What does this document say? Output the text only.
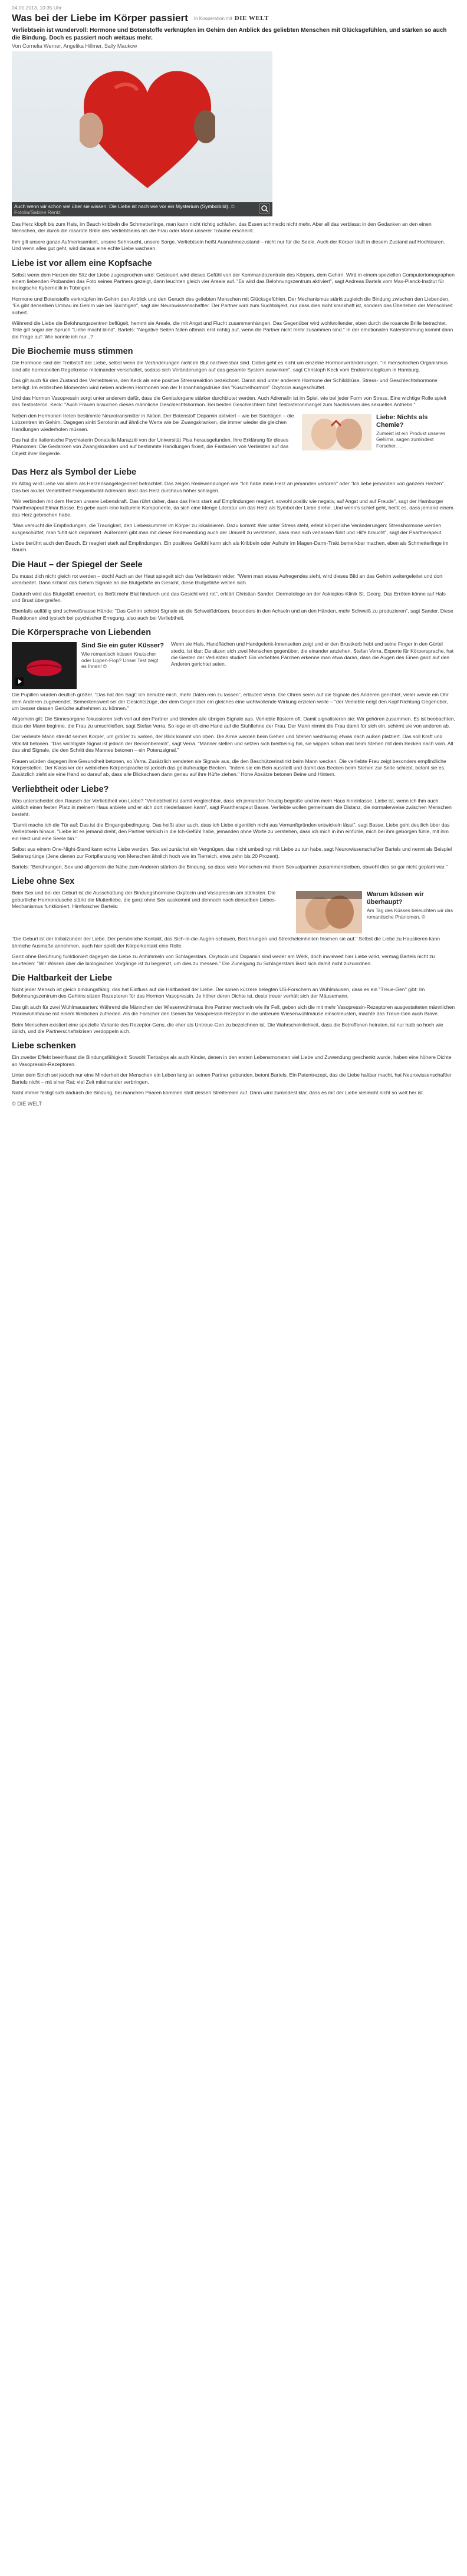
04.01.2013, 10:35 Uhr
Was bei der Liebe im Körper passiert In Kooperation mit DIE WELT
Verliebtsein ist wundervoll: Hormone und Botenstoffe verknüpfen im Gehirn den Anblick des geliebten Menschen mit Glücksgefühlen, und stärken so auch die Bindung. Doch es passiert noch weitaus mehr.
Von Cornelia Werner, Angelika Hillmer, Sally Maukow
Auch wenn wir schon viel über sie wissen: Die Liebe ist nach wie vor ein Mysterium (Symbolbild). © Fotolia/Sabine Rentz

Das Herz klopft bis zum Hals, im Bauch kribbeln die Schmetterlinge, man kann nicht richtig schlafen, das Essen schmeckt nicht mehr. Aber all das verblasst in den Gedanken an den einen Menschen, der durch die rosarote Brille des Verliebtseins als die Frau oder Mann unserer Träume erscheint.

Ihm gilt unsere ganze Aufmerksamkeit, unsere Sehnsucht, unsere Sorge. Verliebtsein heißt Ausnahmezustand – nicht nur für die Seele. Auch der Körper läuft in diesem Zustand auf Hochtouren. Und wenn alles gut geht, wird daraus eine echte Liebe wachsen.

Liebe ist vor allem eine Kopfsache

Selbst wenn dem Herzen der Sitz der Liebe zugesprochen wird: Gesteuert wird dieses Gefühl von der Kommandozentrale des Körpers, dem Gehirn. Wird in einem speziellen Computertomographen einem liebenden Probanden das Foto seines Partners gezeigt, dann leuchten gleich vier Areale auf. "Es wird das Belohnungszentrum aktiviert", sagt Andreas Bartels vom Max-Planck-Institut für biologische Kybernetik in Tübingen.

Hormone und Botenstoffe verknüpfen im Gehirn den Anblick und den Geruch des geliebten Menschen mit Glücksgefühlen. Der Mechanismus stärkt zugleich die Bindung zwischen den Liebenden. "Es gibt denselben Umbau im Gehirn wie bei Süchtigen", sagt der Neurowissenschaftler. Der Partner wird zum Suchtobjekt, nur dass dies nicht krankhaft ist, sondern das Überleben der Menschheit sichert.

Während die Liebe die Belohnungszentren beflügelt, hemmt sie Areale, die mit Angst und Flucht zusammenhängen. Das Gegenüber wird wohlwollender, eben durch die rosarote Brille betrachtet. Teile gilt sogar der Spruch "Liebe macht blind", Bartels: "Negative Seiten fallen oftmals erst richtig auf, wenn die Partner nicht mehr zusammen sind." In der emotionalen Katerstimmung kommt dann die Frage auf: Wie konnte ich nur...?

Die Biochemie muss stimmen

Die Hormone sind der Treibstoff der Liebe, selbst wenn die Veränderungen nicht im Blut nachweisbar sind. Dabei geht es nicht um einzelne Hormonveränderungen. "In menschlichen Organismus sind alle hormonellen Regelkreise miteinander verschaltet, sodass sich Veränderungen auf das gesamte System auswirken", sagt Christoph Keck vom Endokrinologikum in Hamburg.

Das gilt auch für den Zustand des Verliebtseins, den Keck als eine positive Stressreaktion bezeichnet. Daran sind unter anderem Hormone der Schilddrüse, Stress- und Geschlechtshormone beteiligt. Im erotischen Momenten wird neben anderen Hormonen von der Hirnanhangsdrüse das "Kuschelhormon" Oxytocin ausgeschüttet.

Und das Hormon Vasopressin sorgt unter anderem dafür, dass die Genitalorgane stärker durchblutet werden. Auch Adrenalin ist im Spiel, wie bei jeder Form von Stress. Eine wichtige Rolle spielt das Testosteron. Keck: "Auch Frauen brauchen dieses männliche Geschlechtshormon. Bei beiden Geschlechtern führt Testosteronmangel zum Nachlassen des sexuellen Antriebs."

Liebe: Nichts als Chemie?
Zumeist ist ein Produkt unseres Gehirns, sagen zumindest Forscher. ...

Neben den Hormonen treten bestimmte Neurotransmitter in Aktion. Der Botenstoff Dopamin aktiviert – wie bei Süchtigen – die Lobzentren im Gehirn. Dagegen sinkt Serotonin auf ähnliche Werte wie bei Zwangskranken, die immer wieder die gleichen Handlungen wiederholen müssen.

Das hat die italienische Psychiaterin Donatella Marazziti von der Universität Pisa herausgefunden. Ihre Erklärung für dieses Phänomen: Die Gedanken von Zwangskranken und auf bestimmte Handlungen fixiert, die Fantasien von Verliebten auf das Objekt ihrer Begierde.

Das Herz als Symbol der Liebe

Im Alltag wird Liebe vor allem als Herzensangelegenheit betrachtet. Das zeigen Redewendungen wie "Ich habe mein Herz an jemanden verloren" oder "Ich liebe jemanden von ganzem Herzen". Das bei akuter Verliebtheit Frequentivität-Adrenalin lässt das Herz durchaus höher schlagen.

"Wir verbinden mit dem Herzen unsere Lebenskraft. Das rührt daher, dass das Herz stark auf Empfindungen reagiert, sowohl positiv wie negativ, auf Angst und auf Freude", sagt der Hamburger Paartherapeut Elmar Basse. Es gebe auch eine kulturelle Komponente, da sich eine Menge Literatur um das Herz als Symbol der Liebe drehe. Und wenn's schief geht, heißt es, dass jemand einem das Herz gebrochen habe.

"Man versucht die Empfindungen, die Traurigkeit, den Liebeskummer im Körper zu lokalisieren. Dazu kommt: Wer unter Stress steht, erlebt körperliche Veränderungen: Stresshormone werden ausgeschüttet, man fühlt sich deprimiert. Außerdem gibt man mit dieser Redewendung auch der Umwelt zu verstehen, dass man sich verlassen fühlt und Hilfe braucht", sagt der Paartherapeut.

Liebe berührt auch den Bauch. Er reagiert stark auf Empfindungen. Ein positives Gefühl kann sich als Kribbeln oder Aufruhr im Magen-Darm-Trakt bemerkbar machen, eben als Schmetterlinge im Bauch.

Die Haut – der Spiegel der Seele

Du musst dich nicht gleich rot werden – doch! Auch an der Haut spiegelt sich das Verliebtsein wider. "Wenn man etwas Aufregendes sieht, wird dieses Bild an das Gehirn weitergeleitet und dort verarbeitet. Dann schickt das Gehirn Signale an die Blutgefäße im Gesicht, diese Blutgefäße weiten sich.

Dadurch wird das Blutgefäß erweitert, es fließt mehr Blut hindurch und das Gesicht wird rot", erklärt Christian Sander, Dermatologe an der Asklepios-Klinik St. Georg. Das Erröten könne auf Hals und Brust übergreifen.

Ebenfalls auffällig sind schweißnasse Hände: "Das Gehirn schickt Signale an die Schweißdrüsen, besonders in den Achseln und an den Händen, mehr Schweiß zu produzieren", sagt Sander. Diese Reaktionen sind typisch bei psychischer Erregung, also auch bei Verliebtheit.

Die Körpersprache von Liebenden
Sind Sie ein guter Küsser?
Wie romantisch küssen Knutscher oder Lippen-Flop? Unser Test zeigt es Ihnen! ©

Wenn sie Hals, Handflächen und Handgelenk-Innenseiten zeigt und er den Brustkorb hebt und seine Finger in den Gürtel steckt, ist klar: Da sitzen sich zwei Menschen gegenüber, die einander anziehen. Stefan Verra, Experte für Körpersprache, hat die Gesten der Verliebten studiert: Ein verliebtes Pärchen erkenne man etwa daran, dass die Augen des Einen ganz auf den Anderen gerichtet seien.

Die Pupillen würden deutlich größer. "Das hat den Sagt: Ich benutze mich, mehr Daten rein zu lassen", erläutert Verra. Die Ohren seien auf die Signale des Anderen gerichtet, vieler werde ein Ohr dem Anderen zugewendet. Bemerkenswert sei der Gesichtszüge, der dem Gegenüber ein gleiches eine wohlwollende Wirkung erzielen wolle – "der Verliebte neigt den Kopf Richtung Gegenüber, um besser dessen Gerüche aufnehmen zu können."

Allgemein gilt: Die Sinnesorgane fokussieren sich voll auf den Partner und blenden alle übrigen Signale aus. Verliebte flüstern oft. Damit signalisieren sie: Wir gehören zusammen. Es ist beobachten, dass der Mann beginne, die Frau zu umschließen, sagt Stefan Verra. So lege er oft eine Hand auf die Stuhllehne der Frau. Der Mann nimmt die Frau damit für sich ein, schirmt sie von anderen ab.

Der verliebte Mann streckt seinen Körper, um größer zu wirken, der Blick kommt von oben. Die Arme werden beim Gehen und Stehen weiträumig etwas nach außen platziert. Das soll Kraft und Vitalität betonen. "Das wichtigste Signal ist jedoch der Beckenbereich", sagt Verra. "Männer stellen und setzen sich breitbeinig hin, sie wippen schon mal beim Stehen mit dem Becken nach vorn. All das sind Signale, die den Schritt des Mannes betonen – ein Potenzsignal."

Frauen würden dagegen ihre Gesundheit betonen, so Verra. Zusätzlich sendeten sie Signale aus, die den Beschützerinstinkt beim Mann wecken. Die verliebte Frau zeigt besonders empfindliche Körperstellen. Der Klassiker der weiblichen Körpersprache ist jedoch das geläufreudige Becken. "Indem sie ein Bein ausstellt und damit das Becken beim Stehen zur Seite schiebt, betont sie es. Zusätzlich zieht sie eine Hand so darauf ab, dass alle Blickachsen dann genau auf ihre Hüfte ziehen." Hohe Absätze betonen Beine und Hintern.

Verliebtheit oder Liebe?

Was unterscheidet den Rausch der Verliebtheit von Liebe? "Verliebtheit ist damit vergleichbar, dass ich jemanden freudig begrüße und im mein Haus hineinlasse. Liebe ist, wenn ich ihm auch wirklich einen festen Platz in meinem Haus anbiete und er sich dort niederlassen kann", sagt Paartherapeut Basse. Verliebte wollen gemeinsam die Distanz, die normalerweise zwischen Menschen besteht.

"Damit mache ich die Tür auf: Das ist die Eingangsbedingung. Das heißt aber auch, dass ich Liebe eigentlich nicht aus Vernunftgründen entwickeln lässt", sagt Basse. Liebe geht deutlich über das Verliebtsein hinaus. "Liebe ist es jemand dreht, den Partner wirklich in die Ich-Gefühl habe, jemanden ohne Worte zu verstehen, dass ich mich in ihn einfühle, mich bei ihm geborgen fühle, mit ihm ein Herz und eine Seele bin."

Selbst aus einem One-Night-Stand kann echte Liebe werden. Sex sei zunächst ein Vergnügen, das nicht umbedingt mit Liebe zu tun habe, sagt Neurowissenschaftler Bartels und nennt als Beispiel Seitensprünge (Jene dienen zur Fortpflanzung von Menschen ähnlich hoch wie im Tierreich, etwa zehn bis 20 Prozent).

Bartels: "Berührungen, Sex und allgemein die Nähe zum Anderen stärken die Bindung, so dass viele Menschen mit ihrem Sexualpartner zusammenbleiben, obwohl dies so gar nicht geplant war."

Liebe ohne Sex
Warum küssen wir überhaupt?
Am Tag des Küsses beleuchten wir das romantische Phänomen. ©

Beim Sex und bei der Geburt ist die Ausschüttung der Bindungshormone Oxytocin und Vasopressin am stärksten. Die geburtliche Hormondusche stärkt die Mutterliebe, die ganz ohne Sex auskommt und dennoch nach denselben Liebes-Mechanismus funktioniert. Hirnforscher Bartels:

"Die Geburt ist der Initialzünder der Liebe. Der persönliche Kontakt, das Sich-in-die-Augen-schauen, Berührungen und Streicheleinheiten frischen sie auf." Selbst die Liebe zu Haustieren kann ähnliche Ausmaße annehmen, auch hier spielt der Körperkontakt eine Rolle.

Ganz ohne Berührung funktioniert dagegen die Liebe zu Anhimmeln von Schlagerstars. Oxytocin und Dopamin sind weder am Werk, doch inwieweit hier Liebe wirkt, vermag Bartels nicht zu beurteilen: "Wir Wissen über die biologischen Vorgänge ist zu begrenzt, um dies zu messen." Die Zuneigung zu Schlagerstars lässt sich damit nicht zuzuordnen.

Die Haltbarkeit der Liebe

Nicht jeder Mensch ist gleich bindungsfähig; das hat Einfluss auf die Haltbarkeit der Liebe. Der sonen kürzere belegten US-Forschern an Wühlmäusen, dass es ein "Treue-Gen" gibt: Im Belohnungszentrum des Gehirns sitzen Rezeptoren für das Hormon Vasopressin. Je höher deren Dichte ist, desto treuer verhält sich der Mäusemann.

Das gilt auch für zwei Wühlmausarten: Während die Männchen der Wiesenwühlmaus ihre Partner wechseln wie ihr Fell, geben sich die mit mehr Vasopressin-Rezeptoren ausgestatteten männlichen Präriewühlmäuse mit einem Weibchen zufrieden. Als die Forscher den Genen für Vasopressin-Rezeptor in die untreuen Wiesenwühlmäuse einschleusten, machte das Treue-Gen auch Brave.

Beim Menschen existiert eine spezielle Variante des Rezeptor-Gens, die eher als Untreue-Gen zu bezeichnen ist. Die Wahrscheinlichkeit, dass die Betroffenen heiraten, ist nur halb so hoch wie üblich, und die Partnerschaftskrisen verdoppeln sich.

Liebe schenken

Ein zweiter Effekt beeinflusst die Bindungsfähigkeit: Sowohl Tierbabys als auch Kinder, denen in den ersten Lebensmonaten viel Liebe und Zuwendung geschenkt wurde, haben eine höhere Dichte an Vasopressin-Rezeptoren.

Unter dem Strich sei jedoch nur eine Minderheit der Menschen ein Leben lang an seinen Partner gebunden, betont Bartels. Ein Patentrezept, das die Liebe haltbar macht, hat Neurowissenschaftler Bartels nicht – mit einer Rat: viel Zeit miteinander verbringen.

Nicht immer festigt sich dadurch die Bindung, bei manchen Paaren kommen statt dessen Streitereien auf. Dann wird zumindest klar, dass es mit der Liebe vielleicht nicht so weit her ist.

© DIE WELT
